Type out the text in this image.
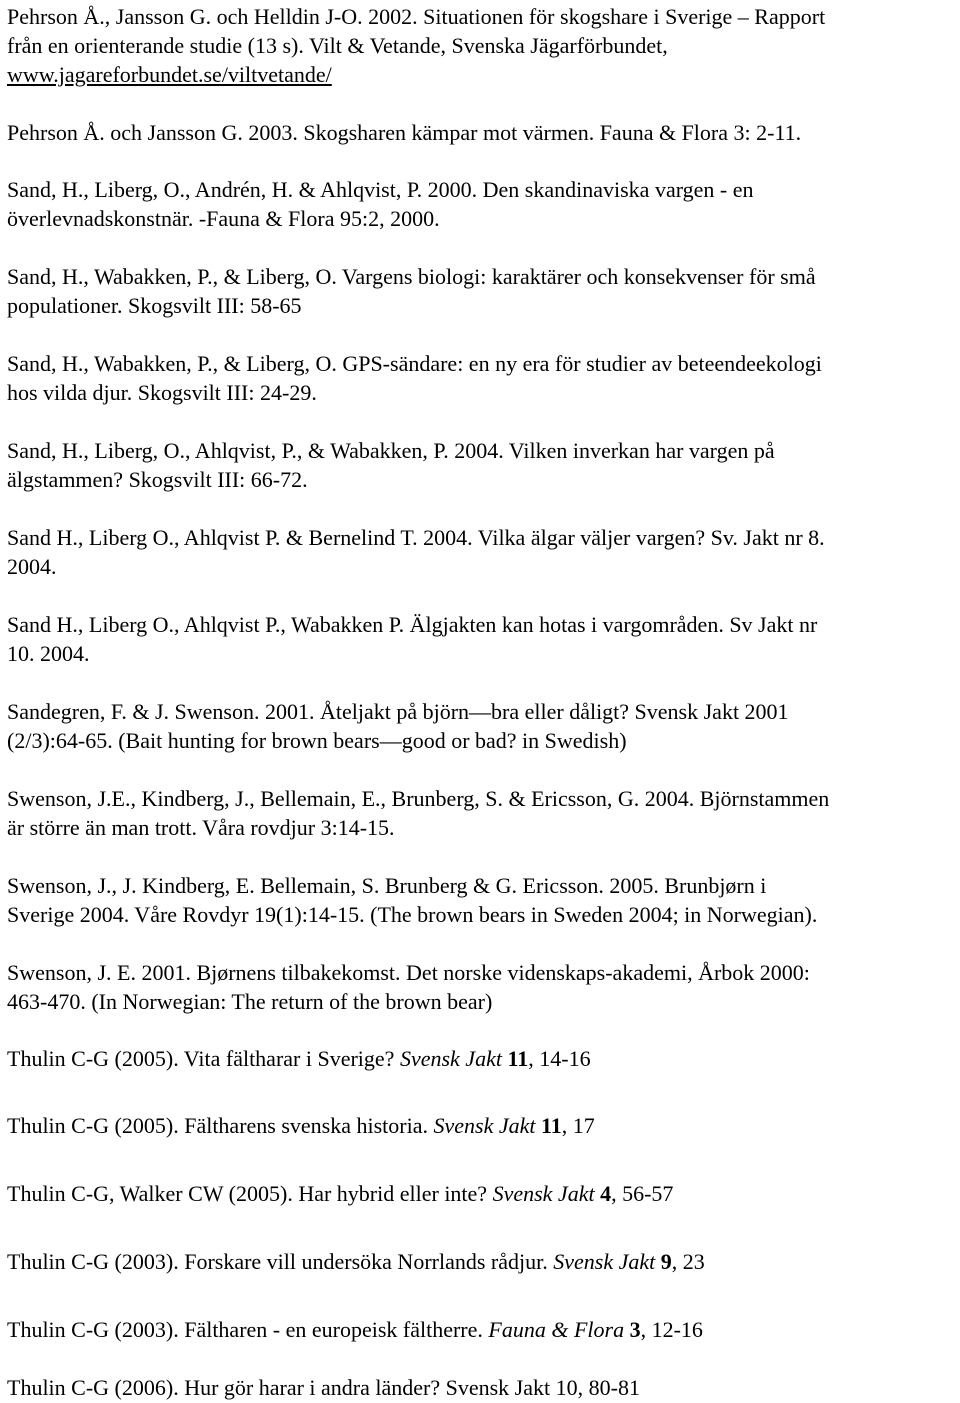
Pehrson Å., Jansson G. och Helldin J-O. 2002. Situationen för skogshare i Sverige – Rapport
från en orienterande studie (13 s). Vilt & Vetande, Svenska Jägarförbundet,
www.jagareforbundet.se/viltvetande/

Pehrson Å. och Jansson G. 2003. Skogsharen kämpar mot värmen. Fauna & Flora 3: 2-11.

Sand, H., Liberg, O., Andrén, H. & Ahlqvist, P. 2000. Den skandinaviska vargen - en
överlevnadskonstnär. -Fauna & Flora 95:2, 2000.

Sand, H., Wabakken, P., & Liberg, O. Vargens biologi: karaktärer och konsekvenser för små
populationer. Skogsvilt III: 58-65

Sand, H., Wabakken, P., & Liberg, O. GPS-sändare: en ny era för studier av beteendeekologi
hos vilda djur. Skogsvilt III: 24-29.

Sand, H., Liberg, O., Ahlqvist, P., & Wabakken, P. 2004. Vilken inverkan har vargen på
älgstammen? Skogsvilt III: 66-72.

Sand H., Liberg O., Ahlqvist P. & Bernelind T. 2004. Vilka älgar väljer vargen? Sv. Jakt nr 8.
2004.

Sand H., Liberg O., Ahlqvist P., Wabakken P. Älgjakten kan hotas i vargområden. Sv Jakt nr
10. 2004.

Sandegren, F. & J. Swenson. 2001. Åteljakt på björn—bra eller dåligt? Svensk Jakt 2001
(2/3):64-65. (Bait hunting for brown bears—good or bad? in Swedish)

Swenson, J.E., Kindberg, J., Bellemain, E., Brunberg, S. & Ericsson, G. 2004. Björnstammen
är större än man trott. Våra rovdjur 3:14-15.

Swenson, J., J. Kindberg, E. Bellemain, S. Brunberg & G. Ericsson. 2005. Brunbjørn i
Sverige 2004. Våre Rovdyr 19(1):14-15. (The brown bears in Sweden 2004; in Norwegian).

Swenson, J. E. 2001. Bjørnens tilbakekomst. Det norske videnskaps-akademi, Årbok 2000:
463-470. (In Norwegian: The return of the brown bear)

Thulin C-G (2005). Vita fältharar i Sverige? Svensk Jakt 11, 14-16

Thulin C-G (2005). Fältharens svenska historia. Svensk Jakt 11, 17

Thulin C-G, Walker CW (2005). Har hybrid eller inte? Svensk Jakt 4, 56-57

Thulin C-G (2003). Forskare vill undersöka Norrlands rådjur. Svensk Jakt 9, 23

Thulin C-G (2003). Fältharen - en europeisk fältherre. Fauna & Flora 3, 12-16

Thulin C-G (2006). Hur gör harar i andra länder? Svensk Jakt 10, 80-81
